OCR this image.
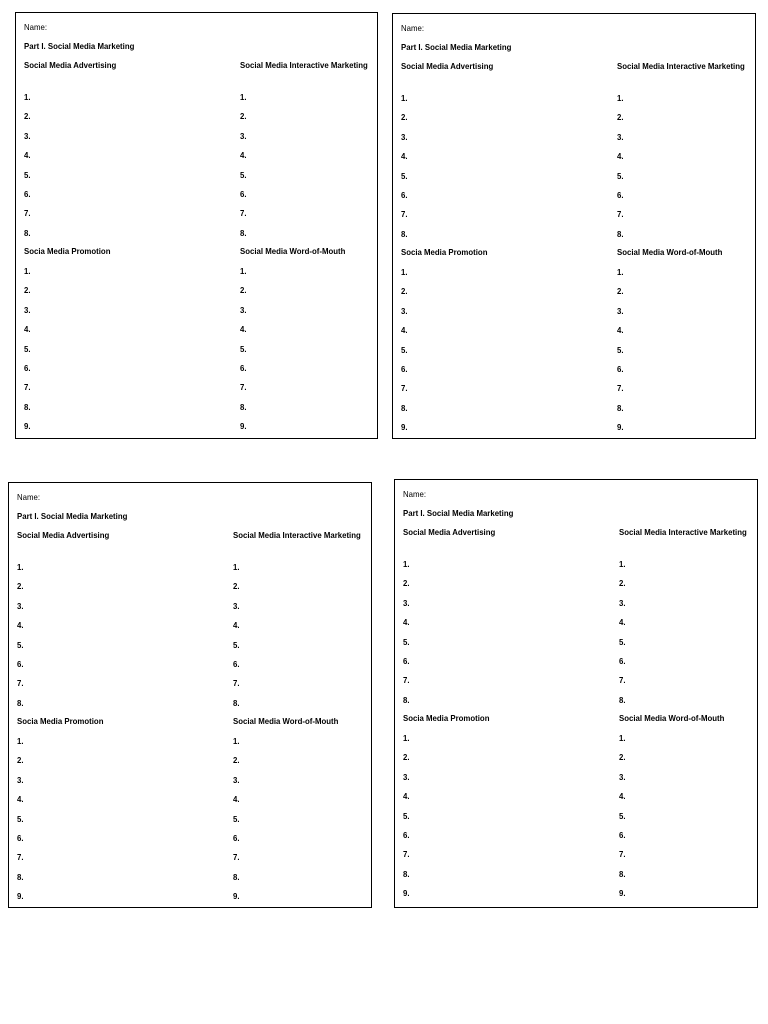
Name:
Part I. Social Media Marketing
Social Media Advertising	Social Media Interactive Marketing
1.
2.
3.
4.
5.
6.
7.
8.
1.
2.
3.
4.
5.
6.
7.
8.
Socia Media Promotion	Social Media Word-of-Mouth
1.
2.
3.
4.
5.
6.
7.
8.
9.
1.
2.
3.
4.
5.
6.
7.
8.
9.
Name:
Part I. Social Media Marketing
Social Media Advertising	Social Media Interactive Marketing
1.
2.
3.
4.
5.
6.
7.
8.
1.
2.
3.
4.
5.
6.
7.
8.
Socia Media Promotion	Social Media Word-of-Mouth
1.
2.
3.
4.
5.
6.
7.
8.
9.
1.
2.
3.
4.
5.
6.
7.
8.
9.
Name:
Part I. Social Media Marketing
Social Media Advertising	Social Media Interactive Marketing
1.
2.
3.
4.
5.
6.
7.
8.
1.
2.
3.
4.
5.
6.
7.
8.
Socia Media Promotion	Social Media Word-of-Mouth
1.
2.
3.
4.
5.
6.
7.
8.
9.
1.
2.
3.
4.
5.
6.
7.
8.
9.
Name:
Part I. Social Media Marketing
Social Media Advertising	Social Media Interactive Marketing
1.
2.
3.
4.
5.
6.
7.
8.
1.
2.
3.
4.
5.
6.
7.
8.
Socia Media Promotion	Social Media Word-of-Mouth
1.
2.
3.
4.
5.
6.
7.
8.
9.
1.
2.
3.
4.
5.
6.
7.
8.
9.
